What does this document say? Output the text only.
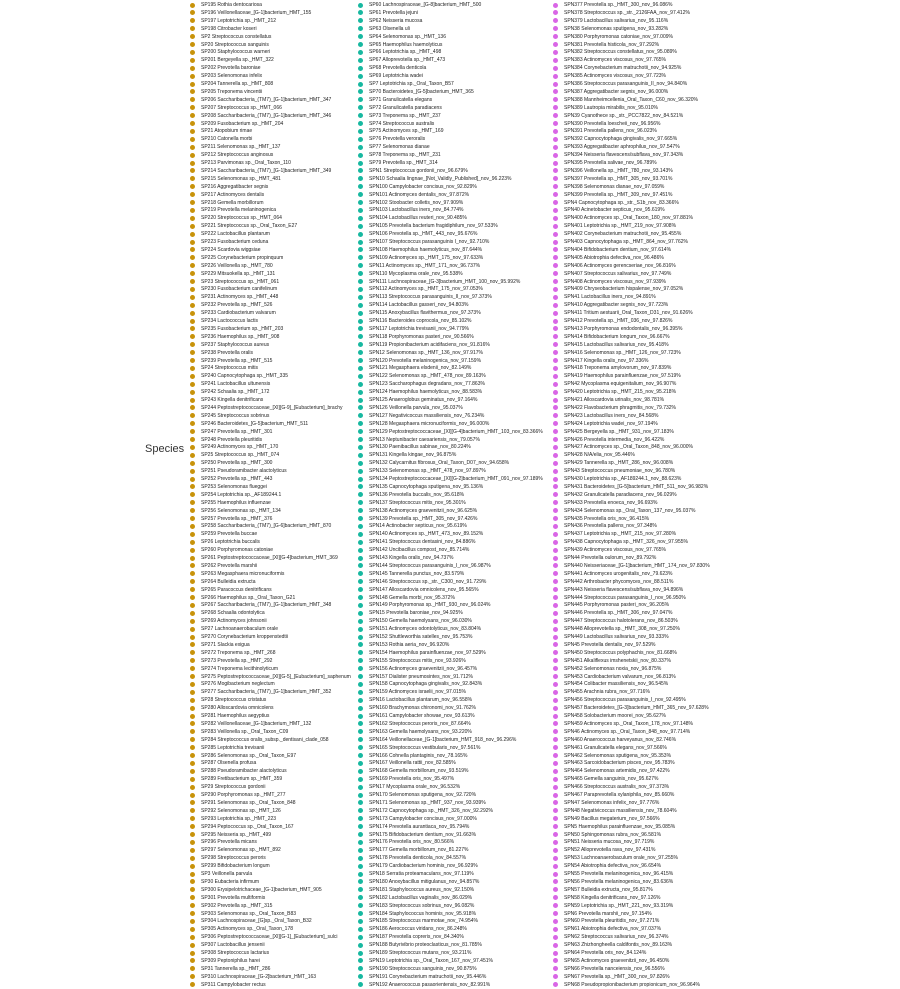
Species
SP195 Rothia dentocariosa
SP196 Veillonellaceae_[G-1]bacterium_HMT_155
SP197 Leptotrichia sp._HMT_212
SP198 Citrobacter koseri
SP2 Streptococcus constellatus
SP20 Streptococcus sanguinis
SP200 Staphylococcus warneri
SP201 Bergeyella sp._HMT_322
SP202 Prevotella baroniae
SP203 Selenomonas infelix
SP204 Tannerella sp._HMT_808
SP205 Treponema vincentii
SP206 Saccharibacteria_(TM7)_[G-1]bacterium_HMT_347
SP207 Streptococcus sp._HMT_066
SP208 Saccharibacteria_(TM7)_[G-1]bacterium_HMT_346
SP209 Fusobacterium sp._HMT_204
SP21 Atopobium rimae
SP210 Catonella morbi
SP211 Selenomonas sp._HMT_137
SP212 Streptococcus anginosus
SP213 Parvimonas sp._Oral_Taxon_110
SP214 Saccharibacteria_(TM7)_[G-1]bacterium_HMT_349
SP215 Selenomonas sp._HMT_481
SP216 Aggregatibacter segnis
SP217 Actinomyces dentalis
SP218 Gemella morbillorum
SP219 Prevotella melaninogenica
SP220 Streptococcus sp._HMT_064
SP221 Streptococcus sp._Oral_Taxon_E27
SP222 Lactobacillus plantarum
SP223 Fusobacterium ceduna
SP224 Scardovia wiggsiae
SP225 Corynebacterium propinquum
SP226 Veillonella sp._HMT_780
SP229 Mitsuokella sp._HMT_131
SP23 Streptococcus sp._HMT_061
SP230 Fusobacterium canifelinum
SP231 Actinomyces sp._HMT_448
SP232 Prevotella sp._HMT_526
SP233 Cardiobacterium valvarum
SP234 Lactococcus lactis
SP235 Fusobacterium sp._HMT_203
SP236 Haemophilus sp._HMT_908
SP237 Staphylococcus aureus
SP238 Prevotella oralis
SP239 Prevotella sp._HMT_515
SP24 Streptococcus mitis
SP240 Capnocytophaga sp._HMT_335
SP241 Lactobacillus ultunensis
SP242 Schaalia sp._HMT_172
SP243 Kingella denitrificans
SP244 Peptostreptococcaceae_[XI][G-9]_[Eubacterium]_brachy
SP245 Streptococcus sobrinus
SP246 Bacteroidetes_[G-5]bacterium_HMT_511
SP247 Prevotella sp._HMT_301
SP248 Prevotella pleuritidis
SP249 Actinomyces sp._HMT_170
SP25 Streptococcus sp._HMT_074
SP250 Prevotella sp._HMT_300
SP251 Pseudoramibacter alactolyticus
SP252 Prevotella sp._HMT_443
SP253 Selenomonas flueggei
SP254 Leptotrichia sp._AF189244.1
SP255 Haemophilus influenzae
SP256 Selenomonas sp._HMT_134
SP257 Prevotella sp._HMT_376
SP258 Saccharibacteria_(TM7)_[G-6]bacterium_HMT_870
SP259 Prevotella buccae
SP26 Leptotrichia buccalis
SP260 Porphyromonas catoniae
SP261 Peptostreptococcaceae_[XI][G-4]bacterium_HMT_369
SP262 Prevotella marshii
SP263 Megasphaera micronuciformis
SP264 Bulleidia extructa
SP265 Paracoccus denitrificans
SP266 Haemophilus sp._Oral_Taxon_G21
SP267 Saccharibacteria_(TM7)_[G-1]bacterium_HMT_348
SP268 Schaalia odontolytica
SP269 Actinomyces johnsonii
SP27 Lachnoanaerobaculum orale
SP270 Corynebacterium kroppenstedtii
SP271 Slackia exigua
SP272 Treponema sp._HMT_268
SP273 Prevotella sp._HMT_292
SP274 Treponema lecithinolyticum
SP275 Peptostreptococcaceae_[XI][G-5]_[Eubacterium]_saphenum
SP276 Mogibacterium neglectum
SP277 Saccharibacteria_(TM7)_[G-1]bacterium_HMT_352
SP28 Streptococcus cristatus
SP280 Alloscardovia omnicolens
SP281 Haemophilus aegyptius
SP282 Veillonellaceae_[G-1]bacterium_HMT_132
SP283 Veillonella sp._Oral_Taxon_C09
SP284 Streptococcus oralis_subsp._dentisani_clade_058
SP285 Leptotrichia trevisanii
SP286 Selenomonas sp._Oral_Taxon_E97
SP287 Olsenella profusa
SP288 Pseudoramibacter alactolyticus
SP289 Fretibacterium sp._HMT_359
SP29 Streptococcus gordonii
SP290 Porphyromonas sp._HMT_277
SP291 Selenomonas sp._Oral_Taxon_848
SP292 Selenomonas sp._HMT_126
SP293 Leptotrichia sp._HMT_223
SP294 Peptococcus sp._Oral_Taxon_167
SP295 Neisseria sp._HMT_499
SP296 Prevotella micans
SP297 Selenomonas sp._HMT_892
SP298 Streptococcus peroris
SP299 Bifidobacterium longum
SP3 Veillonella parvula
SP30 Eubacteria infirmum
SP300 Erysipelotrichaceae_[G-1]bacterium_HMT_905
SP301 Prevotella multiformis
SP302 Prevotella sp._HMT_315
SP303 Selenomonas sp._Oral_Taxon_B83
SP304 Lachnospiraceae_[G]sp._Oral_Taxon_B32
SP305 Actinomyces sp._Oral_Taxon_178
SP306 Peptostreptococcaceae_[XI][G-1]_[Eubacterium]_sulci
SP307 Lactobacillus jensenii
SP308 Streptococcus lactarius
SP309 Peptoniphilus harei
SP31 Tannerella sp._HMT_286
SP310 Lachnospiraceae_[G-2]bacterium_HMT_163
SP311 Campylobacter rectus
SP60 Lachnospiraceae_[G-8]bacterium_HMT_500
SP61 Prevotella jejuni
SP62 Neisseria mucosa
SP63 Olsenella uli
SP64 Selenomonas sp._HMT_136
SP65 Haemophilus haemolyticus
SP66 Leptotrichia sp._HMT_498
SP67 Alloprevotella sp._HMT_473
SP68 Prevotella denticola
SP69 Leptotrichia wadei
SP7 Leptotrichia sp._Oral_Taxon_B57
SP70 Bacteroidetes_[G-5]bacterium_HMT_365
SP71 Granulicatella elegans
SP72 Granulicatella paradiacens
SP73 Treponema sp._HMT_237
SP74 Streptococcus australis
SP75 Actinomyces sp._HMT_169
SP76 Prevotella veroralis
SP77 Selenomonas dianae
SP78 Treponema sp._HMT_231
SP79 Prevotella sp._HMT_314
SPN1 Streptococcus gordonii_nov_96.679%
SPN10 Schaalia lingnae_[Not_Validly_Published]_nov_96.223%
SPN100 Campylobacter concisus_nov_92.829%
SPN101 Actinomyces dentalis_nov_97.872%
SPN102 Stoobacter colletis_nov_97.909%
SPN103 Lactobacillus iners_nov_84.774%
SPN104 Lactobacillus reuteri_nov_90.485%
SPN105 Prevotella bacterium fragidiphilum_nov_97.533%
SPN106 Prevotella sp._HMT_443_nov_95.676%
SPN107 Streptococcus parasanguinis I_nov_92.710%
SPN108 Haemophilus haemolyticus_nov_87.644%
SPN109 Actinomyces sp._HMT_175_nov_97.633%
SPN11 Actinomyces sp._HMT_171_nov_96.737%
SPN110 Mycoplasma orale_nov_95.538%
SPN111 Lachnospiraceae_[G-3]bacterium_HMT_100_nov_95.992%
SPN112 Actinomyces sp._HMT_175_nov_97.053%
SPN113 Streptococcus parasanguinis_II_nov_97.373%
SPN114 Lactobacillus gasseri_nov_94.803%
SPN115 Anoxybacillus flavithermus_nov_97.373%
SPN116 Bacteroides coprocola_nov_85.102%
SPN117 Leptotrichia trevisanii_nov_94.779%
SPN118 Porphyromonas pasteri_nov_90.566%
SPN119 Propionibacterium acidifaciens_nov_91.816%
SPN12 Selenomonas sp._HMT_136_nov_97.917%
SPN120 Prevotella melaninogenica_nov_97.159%
SPN121 Megasphaera elsdenii_nov_82.149%
SPN122 Selenomonas sp._HMT_478_nov_89.163%
SPN123 Saccharophagus degradans_nov_77.863%
SPN124 Haemophilus haemolyticus_nov_88.583%
SPN125 Anaeroglobus geminatus_nov_97.164%
SPN126 Veillonella parvula_nov_95.037%
SPN127 Negativicoccus massiliensis_nov_76.234%
SPN128 Megasphaera micronuciformis_nov_96.000%
SPN129 Peptostreptococcaceae_[XI][G-4]bacterium_HMT_103_nov_83.366%
SPN13 Neptunibacter caesariensis_nov_79.057%
SPN130 Paenibacillus sabinae_nov_80.224%
SPN131 Kingella kingae_nov_96.875%
SPN132 Calycarnitus fibrosus_Oral_Taxon_D07_nov_94.658%
SPN133 Selenomonas sp._HMT_478_nov_97.897%
SPN134 Peptostreptococcaceae_[XI][G-2]bacterium_HMT_091_nov_97.189%
SPN135 Capnocytophaga sputigena_nov_95.136%
SPN136 Prevotella buccalis_nov_95.618%
SPN137 Streptococcus mitis_nov_95.301%
SPN138 Actinomyces graevenitzii_nov_96.625%
SPN139 Prevotella sp._HMT_305_nov_97.426%
SPN14 Actinobacter septicus_nov_95.619%
SPN140 Actinomyces sp._HMT_473_nov_89.152%
SPN141 Streptococcus dentasini_nov_84.886%
SPN142 Uncibacillus compost_nov_85.714%
SPN143 Kingella oralis_nov_94.737%
SPN144 Streptococcus parasanguinis_I_nov_96.987%
SPN145 Tannerella punctus_nov_83.579%
SPN146 Streptococcus sp._str._C300_nov_91.729%
SPN147 Alloscardovia omnicolens_nov_95.565%
SPN148 Gemella morbi_nov_95.372%
SPN149 Porphyromonas sp._HMT_930_nov_96.024%
SPN15 Prevotella baroniae_nov_94.925%
SPN150 Gemella haemolysans_nov_96.030%
SPN151 Actinomyces odontolyticus_nov_83.804%
SPN152 Shuttleworthia satelles_nov_95.753%
SPN153 Rothia aeria_nov_96.920%
SPN154 Haemophilus parainfluenzae_nov_97.529%
SPN155 Streptococcus mitis_nov_93.926%
SPN156 Actinomyces graevenitzii_nov_96.457%
SPN157 Dialister pneumosintes_nov_91.712%
SPN158 Capnocytophaga gingivalis_nov_92.843%
SPN159 Actinomyces israelii_nov_97.015%
SPN16 Lactobacillus plantarum_nov_96.558%
SPN160 Brachymonas chironomi_nov_91.762%
SPN161 Campylobacter showae_nov_93.613%
SPN162 Streptococcus peroris_nov_87.664%
SPN163 Gemella haemolysans_nov_93.220%
SPN164 Veillonellaceae_[G-1]bacterium_HMT_918_nov_96.296%
SPN165 Streptococcus vestibularis_nov_97.561%
SPN166 Cohnella plantaginis_nov_78.165%
SPN167 Veillonella rattii_nov_82.585%
SPN168 Gemella morbillorum_nov_93.519%
SPN169 Prevotella oris_nov_95.497%
SPN17 Mycoplasma orale_nov_96.532%
SPN170 Selenomonas sputigena_nov_92.720%
SPN171 Selenomonas sp._HMT_937_nov_93.939%
SPN172 Capnocytophaga sp._HMT_326_nov_92.292%
SPN173 Campylobacter concisus_nov_97.000%
SPN174 Prevotella aurantiaca_nov_95.794%
SPN175 Bifidobacterium dentium_nov_91.663%
SPN176 Prevotella oris_nov_80.566%
SPN177 Gemella morbillorum_nov_81.227%
SPN178 Prevotella denticola_nov_84.557%
SPN179 Cardiobacterium hominis_nov_96.929%
SPN18 Serratia proteamaculans_nov_97.119%
SPN180 Anoxybacillus mitigulanus_nov_94.857%
SPN181 Staphylococcus aureus_nov_92.150%
SPN182 Lactobacillus vaginalis_nov_86.029%
SPN183 Streptococcus sobrinus_nov_96.082%
SPN184 Staphylococcus hominis_nov_95.918%
SPN185 Streptococcus marmotae_nov_74.954%
SPN186 Aerococcus viridans_nov_86.248%
SPN187 Prevotella copreris_nov_84.340%
SPN188 Butyrivibrio proteoclasticus_nov_81.785%
SPN189 Streptococcus mutans_nov_93.211%
SPN19 Leptotrichia sp._Oral_Taxon_167_nov_97.451%
SPN190 Streptococcus sanguinis_nov_90.875%
SPN191 Corynebacterium matruchotii_nov_95.446%
SPN192 Anaerococcus pasaorientensis_nov_82.991%
SPN377 Prevotella sp._HMT_300_nov_96.086%
SPN378 Streptococcus sp._str._2126FAA_nov_97.412%
SPN379 Lactobacillus salivarius_nov_95.116%
SPN38 Selenomonas sputigena_nov_93.282%
SPN380 Porphyromonas catoniae_nov_97.009%
SPN381 Prevotella histicola_nov_97.292%
SPN382 Streptococcus constellatus_nov_95.089%
SPN383 Actinomyces viscosus_nov_97.765%
SPN384 Corynebacterium matruchotii_nov_94.925%
SPN385 Actinomyces viscosus_nov_97.723%
SPN386 Streptococcus parasanguinis_II_nov_94.840%
SPN387 Aggregatibacter segnis_nov_96.000%
SPN388 Mannheimcellenia_Oral_Taxon_C60_nov_96.320%
SPN389 Lautropia mirabilis_nov_95.010%
SPN39 Cyanothece sp._str._PCC7822_nov_84.521%
SPN390 Prevotella loescheii_nov_96.956%
SPN391 Prevotella pallens_nov_96.023%
SPN392 Capnocytophaga gingivalis_nov_97.665%
SPN393 Aggregatibacter aphrophilus_nov_97.547%
SPN394 Neisseria flavescens/subflava_nov_97.343%
SPN395 Prevotella salivae_nov_96.789%
SPN396 Veillonella sp._HMT_780_nov_93.143%
SPN397 Prevotella sp._HMT_305_nov_93.701%
SPN398 Selenomonas dianae_nov_97.059%
SPN399 Prevotella sp._HMT_309_nov_97.451%
SPN4 Capnocytophaga sp._str._S1b_nov_83.366%
SPN40 Acinetobacter septicus_nov_95.619%
SPN400 Actinomyces sp._Oral_Taxon_180_nov_97.881%
SPN401 Leptotrichia sp._HMT_219_nov_97.908%
SPN402 Corynebacterium matruchotii_nov_95.455%
SPN403 Capnocytophaga sp._HMT_864_nov_97.762%
SPN404 Bifidobacterium dentium_nov_97.614%
SPN405 Abiotrophia defectiva_nov_96.486%
SPN406 Actinomyces gerencseriae_nov_96.816%
SPN407 Streptococcus salivarius_nov_97.749%
SPN408 Actinomyces viscosus_nov_97.939%
SPN409 Chryseobacterium hispalense_nov_97.052%
SPN41 Lactobacillus iners_nov_94.891%
SPN410 Aggregatibacter segnis_nov_97.723%
SPN411 Tritium aestuarii_Oral_Taxon_D31_nov_91.626%
SPN412 Prevotella sp._HMT_036_nov_97.826%
SPN413 Porphyromonas endodontalis_nov_96.395%
SPN414 Bifidobacterium longum_nov_96.667%
SPN415 Lactobacillus salivarius_nov_95.418%
SPN416 Selenomonas sp._HMT_126_nov_97.723%
SPN417 Kingella oralis_nov_97.336%
SPN418 Treponema amylovorum_nov_97.839%
SPN419 Haemophilus parainfluenzae_nov_97.519%
SPN42 Mycoplasma equigenitalium_nov_96.907%
SPN420 Leptotrichia sp._HMT_215_nov_95.218%
SPN421 Alloscardovia urinalis_nov_98.781%
SPN422 Flavobacterium phragmitis_nov_79.732%
SPN423 Lactobacillus iners_nov_84.568%
SPN424 Leptotrichia wadei_nov_97.194%
SPN425 Bergeyella sp._HMT_931_nov_97.183%
SPN426 Prevotella intermedia_nov_96.422%
SPN427 Actinomyces sp._Oral_Taxon_848_nov_96.000%
SPN428 N/A/elia_nov_95.446%
SPN429 Tannerella sp._HMT_286_nov_96.008%
SPN43 Streptococcus pneumoniae_nov_96.780%
SPN430 Leptotrichia sp._AF189244.1_nov_88.623%
SPN431 Bacteroidetes_[G-5]bacterium_HMT_511_nov_96.982%
SPN432 Granulicatella paradiacens_nov_96.029%
SPN433 Prevotella enoeca_nov_96.693%
SPN434 Selenomonas sp._Oral_Taxon_137_nov_95.037%
SPN435 Prevotella oris_nov_96.415%
SPN436 Prevotella pallens_nov_97.348%
SPN437 Leptotrichia sp._HMT_215_nov_97.280%
SPN438 Capnocytophaga sp._HMT_326_nov_97.955%
SPN439 Actinomyces viscosus_nov_97.765%
SPN44 Prevotella oulorum_nov_89.792%
SPN440 Neisseriaceae_[G-1]bacterium_HMT_174_nov_97.830%
SPN441 Actinomyces urogenitalis_nov_79.623%
SPN442 Arthrobacter phycomyces_nov_88.511%
SPN443 Neisseria flavescens/subflava_nov_94.896%
SPN444 Streptococcus parasanguinis_I_nov_96.950%
SPN445 Porphyromonas pasteri_nov_96.205%
SPN446 Prevotella sp._HMT_306_nov_97.047%
SPN447 Streptococcus halotolerans_nov_86.503%
SPN448 Alloprevotella sp._HMT_308_nov_97.250%
SPN449 Lactobacillus salivarius_nov_93.333%
SPN45 Prevotella dentalis_nov_97.529%
SPN450 Streptococcus polyphachis_nov_81.668%
SPN451 Alkaliflexus imshenetskii_nov_80.337%
SPN452 Selenomonas noxia_nov_96.875%
SPN453 Cardiobacterium valvarum_nov_96.813%
SPN454 Colibacter massiliensis_nov_96.545%
SPN455 Arachnia rubra_nov_97.716%
SPN456 Streptococcus parasanguinis_I_nov_92.495%
SPN457 Bacteroidetes_[G-3]bacterium_HMT_365_nov_97.628%
SPN458 Solobacterium moorei_nov_95.627%
SPN459 Actinomyces sp._Oral_Taxon_178_nov_97.148%
SPN46 Actinomyces sp._Oral_Taxon_848_nov_97.714%
SPN460 Anaerococcus harveyanus_nov_82.746%
SPN461 Granulicatella elegans_nov_97.566%
SPN462 Selenomonas sputigena_nov_95.353%
SPN463 Sarcoidobacterium pisces_nov_95.783%
SPN464 Selenomonas artemidis_nov_97.422%
SPN465 Gemella sanguinis_nov_95.627%
SPN466 Streptococcus australis_nov_97.373%
SPN467 Paraprevotella xylaniphila_nov_85.660%
SPN47 Selenomonas infelix_nov_97.776%
SPN48 Negativicoccus massiliensis_nov_78.604%
SPN49 Bacillus megaterium_nov_97.566%
SPN5 Haemophilus parainfluenzae_nov_95.085%
SPN50 Sphingomonas rubra_nov_96.581%
SPN51 Neisseria mucosa_nov_97.719%
SPN52 Alloprevotella rava_nov_97.431%
SPN53 Lachnoanaerobaculum orale_nov_97.255%
SPN54 Abiotrophia defectiva_nov_96.654%
SPN55 Prevotella melaninogenica_nov_96.415%
SPN56 Prevotella melaninogenica_nov_83.636%
SPN57 Bulleidia extructa_nov_95.817%
SPN58 Kingella denitrificans_nov_97.126%
SPN59 Leptotrichia sp._HMT_221_nov_93.319%
SPN6 Prevotella marshii_nov_97.154%
SPN60 Prevotella pleuritidis_nov_97.271%
SPN61 Abiotrophia defectiva_nov_97.037%
SPN62 Streptococcus salivarius_nov_96.374%
SPN63 Zhizhongheella caldifontis_nov_89.163%
SPN64 Prevotella oris_nov_84.124%
SPN65 Actinomyces graevenitzii_nov_96.450%
SPN66 Prevotella nanceiensis_nov_96.556%
SPN67 Prevotella sp._HMT_300_nov_97.826%
SPN68 Pseudopropionibacterium propionicum_nov_96.964%
